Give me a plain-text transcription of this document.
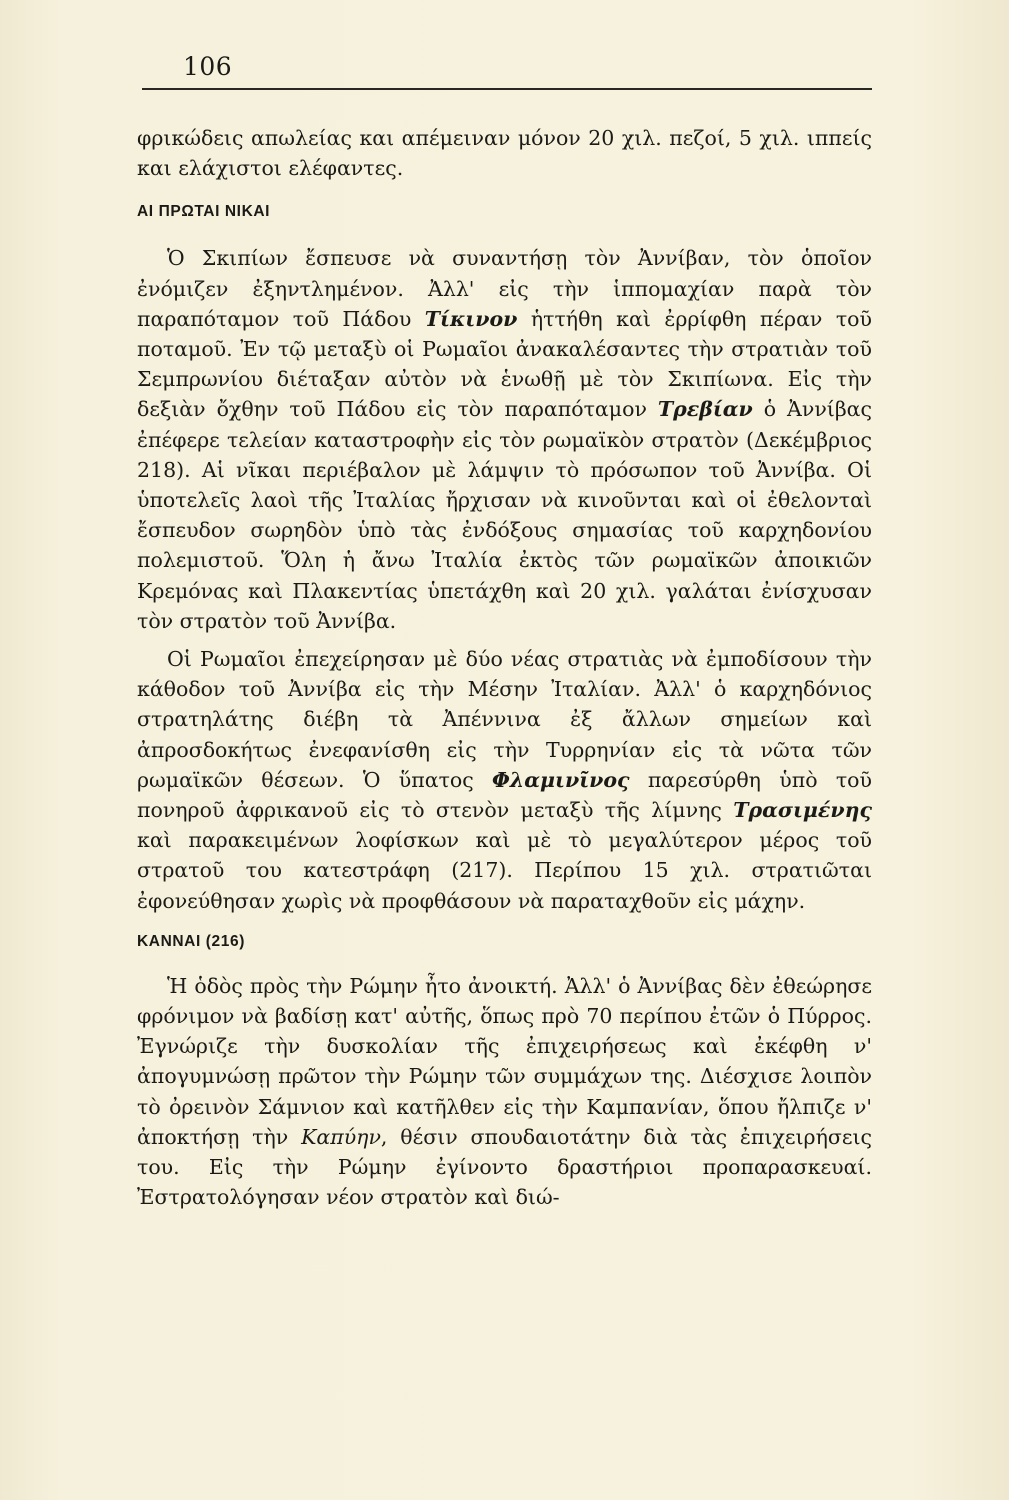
106

φρικώδεις απωλείας και απέμειναν μόνον 20 χιλ. πεζοί, 5 χιλ. ιππείς και ελάχιστοι ελέφαντες.

ΑΙ ΠΡΩΤΑΙ ΝΙΚΑΙ

Ὁ Σκιπίων ἔσπευσε νὰ συναντήσῃ τὸν Ἀννίβαν, τὸν ὁποῖον ἐνόμιζεν ἐξηντλημένον. Ἀλλ' εἰς τὴν ἱππομαχίαν παρὰ τὸν παραπόταμον τοῦ Πάδου Τίκινον ἡττήθη καὶ ἐρρίφθη πέραν τοῦ ποταμοῦ. Ἐν τῷ μεταξὺ οἱ Ρωμαῖοι ἀνακαλέσαντες τὴν στρατιὰν τοῦ Σεμπρωνίου διέταξαν αὐτὸν νὰ ἑνωθῇ μὲ τὸν Σκιπίωνα. Εἰς τὴν δεξιὰν ὄχθην τοῦ Πάδου εἰς τὸν παραπόταμον Τρεβίαν ὁ Ἀννίβας ἐπέφερε τελείαν καταστροφὴν εἰς τὸν ρωμαϊκὸν στρατὸν (Δεκέμβριος 218). Αἱ νῖκαι περιέβαλον μὲ λάμψιν τὸ πρόσωπον τοῦ Ἀννίβα. Οἱ ὑποτελεῖς λαοὶ τῆς Ἰταλίας ἤρχισαν νὰ κινοῦνται καὶ οἱ ἐθελονταὶ ἔσπευδον σωρηδὸν ὑπὸ τὰς ἐνδόξους σημασίας τοῦ καρχηδονίου πολεμιστοῦ. Ὅλη ἡ ἄνω Ἰταλία ἐκτὸς τῶν ρωμαϊκῶν ἀποικιῶν Κρεμόνας καὶ Πλακεντίας ὑπετάχθη καὶ 20 χιλ. γαλάται ἐνίσχυσαν τὸν στρατὸν τοῦ Ἀννίβα.

Οἱ Ρωμαῖοι ἐπεχείρησαν μὲ δύο νέας στρατιὰς νὰ ἐμποδίσουν τὴν κάθοδον τοῦ Ἀννίβα εἰς τὴν Μέσην Ἰταλίαν. Ἀλλ' ὁ καρχηδόνιος στρατηλάτης διέβη τὰ Ἀπέννινα ἐξ ἄλλων σημείων καὶ ἀπροσδοκήτως ἐνεφανίσθη εἰς τὴν Τυρρηνίαν εἰς τὰ νῶτα τῶν ρωμαϊκῶν θέσεων. Ὁ ὕπατος Φλαμινῖνος παρεσύρθη ὑπὸ τοῦ πονηροῦ ἀφρικανοῦ εἰς τὸ στενὸν μεταξὺ τῆς λίμνης Τρασιμένης καὶ παρακειμένων λοφίσκων καὶ μὲ τὸ μεγαλύτερον μέρος τοῦ στρατοῦ του κατεστράφη (217). Περίπου 15 χιλ. στρατιῶται ἐφονεύθησαν χωρὶς νὰ προφθάσουν νὰ παραταχθοῦν εἰς μάχην.

ΚΑΝΝΑΙ (216)

Ἡ ὁδὸς πρὸς τὴν Ρώμην ἦτο ἀνοικτή. Ἀλλ' ὁ Ἀννίβας δὲν ἐθεώρησε φρόνιμον νὰ βαδίσῃ κατ' αὐτῆς, ὅπως πρὸ 70 περίπου ἐτῶν ὁ Πύρρος. Ἐγνώριζε τὴν δυσκολίαν τῆς ἐπιχειρήσεως καὶ ἐκέφθη ν' ἀπογυμνώσῃ πρῶτον τὴν Ρώμην τῶν συμμάχων της. Διέσχισε λοιπὸν τὸ ὀρεινὸν Σάμνιον καὶ κατῆλθεν εἰς τὴν Καμπανίαν, ὅπου ἤλπιζε ν' ἀποκτήσῃ τὴν Καπύην, θέσιν σπουδαιοτάτην διὰ τὰς ἐπιχειρήσεις του. Εἰς τὴν Ρώμην ἐγίνοντο δραστήριοι προπαρασκευαί. Ἐστρατολόγησαν νέον στρατὸν καὶ διώ-
